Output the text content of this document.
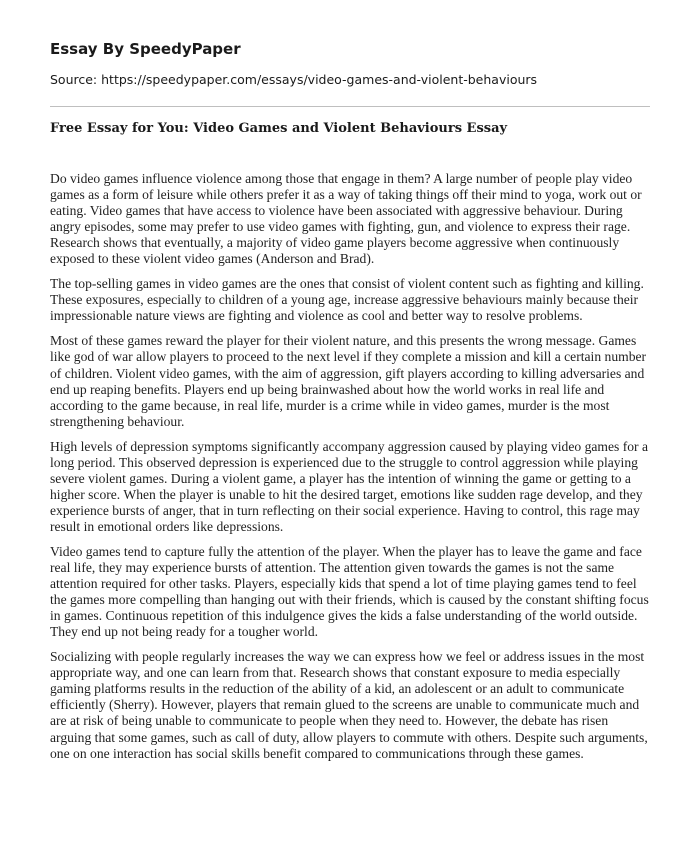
Essay By SpeedyPaper
Source: https://speedypaper.com/essays/video-games-and-violent-behaviours
Free Essay for You: Video Games and Violent Behaviours Essay

Do video games influence violence among those that engage in them? A large number of people play video games as a form of leisure while others prefer it as a way of taking things off their mind to yoga, work out or eating. Video games that have access to violence have been associated with aggressive behaviour. During angry episodes, some may prefer to use video games with fighting, gun, and violence to express their rage. Research shows that eventually, a majority of video game players become aggressive when continuously exposed to these violent video games (Anderson and Brad).

The top-selling games in video games are the ones that consist of violent content such as fighting and killing. These exposures, especially to children of a young age, increase aggressive behaviours mainly because their impressionable nature views are fighting and violence as cool and better way to resolve problems.

Most of these games reward the player for their violent nature, and this presents the wrong message. Games like god of war allow players to proceed to the next level if they complete a mission and kill a certain number of children. Violent video games, with the aim of aggression, gift players according to killing adversaries and end up reaping benefits. Players end up being brainwashed about how the world works in real life and according to the game because, in real life, murder is a crime while in video games, murder is the most strengthening behaviour.

High levels of depression symptoms significantly accompany aggression caused by playing video games for a long period. This observed depression is experienced due to the struggle to control aggression while playing severe violent games. During a violent game, a player has the intention of winning the game or getting to a higher score. When the player is unable to hit the desired target, emotions like sudden rage develop, and they experience bursts of anger, that in turn reflecting on their social experience. Having to control, this rage may result in emotional orders like depressions.

Video games tend to capture fully the attention of the player. When the player has to leave the game and face real life, they may experience bursts of attention. The attention given towards the games is not the same attention required for other tasks. Players, especially kids that spend a lot of time playing games tend to feel the games more compelling than hanging out with their friends, which is caused by the constant shifting focus in games. Continuous repetition of this indulgence gives the kids a false understanding of the world outside. They end up not being ready for a tougher world.

Socializing with people regularly increases the way we can express how we feel or address issues in the most appropriate way, and one can learn from that. Research shows that constant exposure to media especially gaming platforms results in the reduction of the ability of a kid, an adolescent or an adult to communicate efficiently (Sherry). However, players that remain glued to the screens are unable to communicate much and are at risk of being unable to communicate to people when they need to. However, the debate has risen arguing that some games, such as call of duty, allow players to commute with others. Despite such arguments, one on one interaction has social skills benefit compared to communications through these games.
